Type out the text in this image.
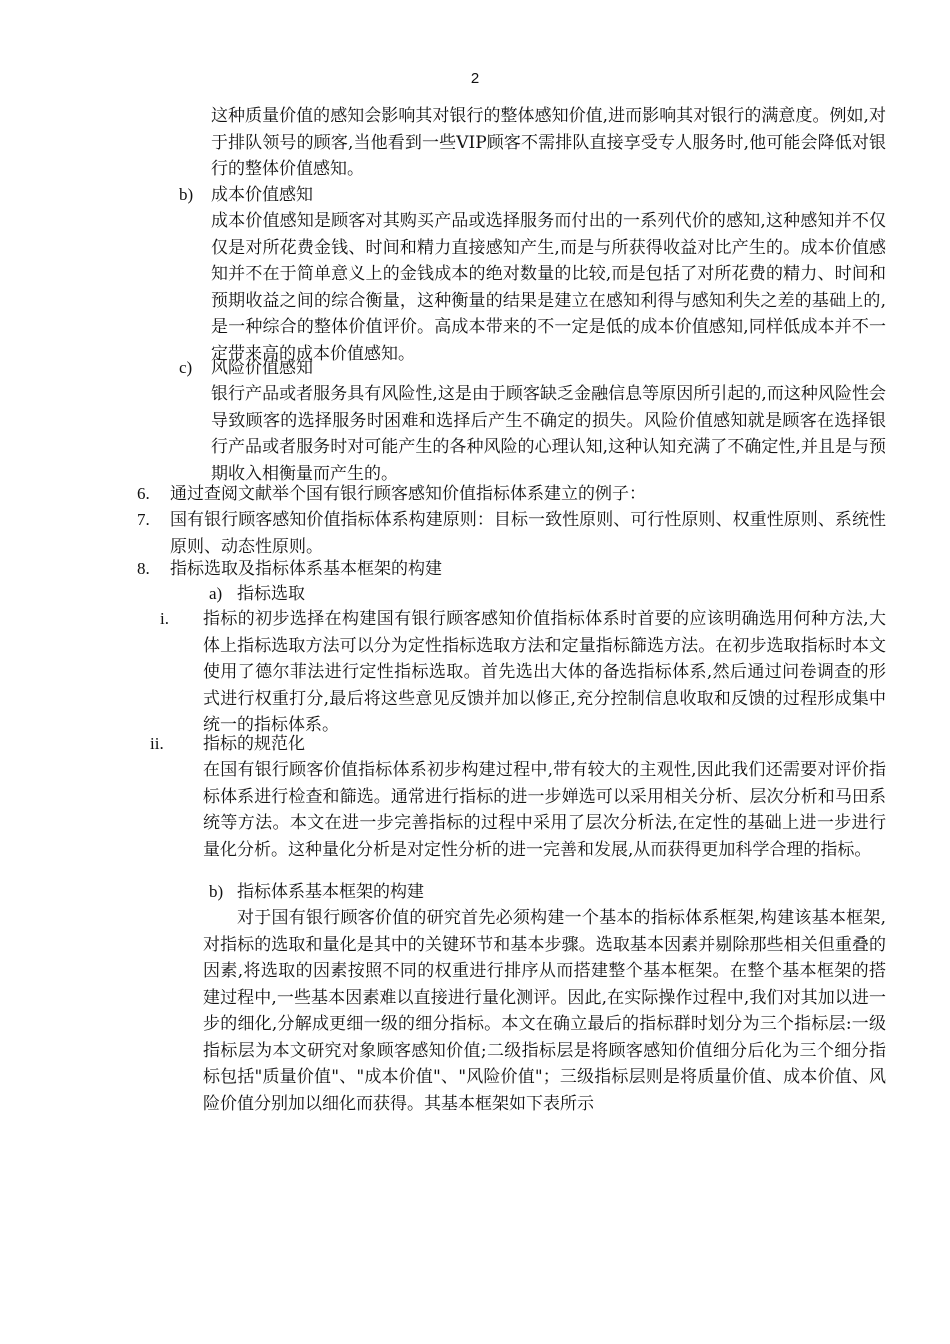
2
这种质量价值的感知会影响其对银行的整体感知价值,进而影响其对银行的满意度。例如,对于排队领号的顾客,当他看到一些VIP顾客不需排队直接享受专人服务时,他可能会降低对银行的整体价值感知。
b) 成本价值感知
成本价值感知是顾客对其购买产品或选择服务而付出的一系列代价的感知,这种感知并不仅仅是对所花费金钱、时间和精力直接感知产生,而是与所获得收益对比产生的。成本价值感知并不在于简单意义上的金钱成本的绝对数量的比较,而是包括了对所花费的精力、时间和预期收益之间的综合衡量，这种衡量的结果是建立在感知利得与感知利失之差的基础上的,是一种综合的整体价值评价。高成本带来的不一定是低的成本价值感知,同样低成本并不一定带来高的成本价值感知。
c) 风险价值感知
银行产品或者服务具有风险性,这是由于顾客缺乏金融信息等原因所引起的,而这种风险性会导致顾客的选择服务时困难和选择后产生不确定的损失。风险价值感知就是顾客在选择银行产品或者服务时对可能产生的各种风险的心理认知,这种认知充满了不确定性,并且是与预期收入相衡量而产生的。
6. 通过查阅文献举个国有银行顾客感知价值指标体系建立的例子：
7. 国有银行顾客感知价值指标体系构建原则：目标一致性原则、可行性原则、权重性原则、系统性原则、动态性原则。
8. 指标选取及指标体系基本框架的构建
a) 指标选取
i. 指标的初步选择在构建国有银行顾客感知价值指标体系时首要的应该明确选用何种方法,大体上指标选取方法可以分为定性指标选取方法和定量指标篩选方法。在初步选取指标时本文使用了德尔菲法进行定性指标选取。首先选出大体的备选指标体系,然后通过问卷调查的形式进行权重打分,最后将这些意见反馈并加以修正,充分控制信息收取和反馈的过程形成集中统一的指标体系。
ii. 指标的规范化
在国有银行顾客价值指标体系初步构建过程中,带有较大的主观性,因此我们还需要对评价指标体系进行检查和篩选。通常进行指标的进一步婵选可以采用相关分析、层次分析和马田系统等方法。本文在进一步完善指标的过程中采用了层次分析法,在定性的基础上进一步进行量化分析。这种量化分析是对定性分析的进一完善和发展,从而获得更加科学合理的指标。
b) 指标体系基本框架的构建
对于国有银行顾客价值的研究首先必须构建一个基本的指标体系框架,构建该基本框架,对指标的选取和量化是其中的关键环节和基本步骤。选取基本因素并剔除那些相关但重叠的因素,将选取的因素按照不同的权重进行排序从而搭建整个基本框架。在整个基本框架的搭建过程中,一些基本因素难以直接进行量化测评。因此,在实际操作过程中,我们对其加以进一步的细化,分解成更细一级的细分指标。本文在确立最后的指标群时划分为三个指标层:一级指标层为本文研究对象顾客感知价值;二级指标层是将顾客感知价值细分后化为三个细分指标包括"质量价值"、"成本价值"、"风险价值"；三级指标层则是将质量价值、成本价值、风险价值分别加以细化而获得。其基本框架如下表所示
